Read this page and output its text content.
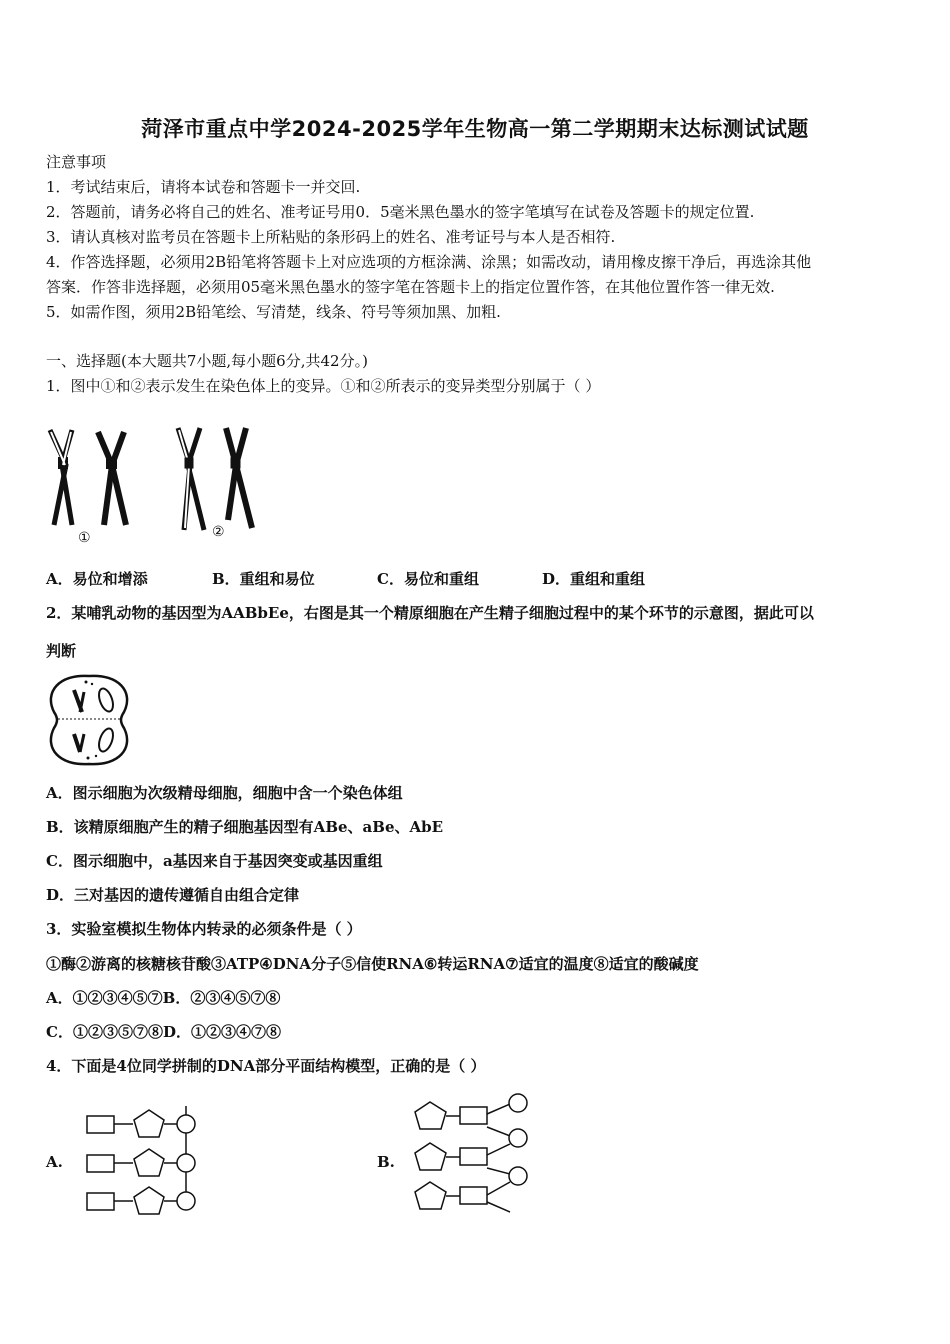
菏泽市重点中学2024-2025学年生物高一第二学期期末达标测试试题
注意事项
1．考试结束后，请将本试卷和答题卡一并交回.
2．答题前，请务必将自己的姓名、准考证号用0．5毫米黑色墨水的签字笔填写在试卷及答题卡的规定位置.
3．请认真核对监考员在答题卡上所粘贴的条形码上的姓名、准考证号与本人是否相符.
4．作答选择题，必须用2B铅笔将答题卡上对应选项的方框涂满、涂黑；如需改动，请用橡皮擦干净后，再选涂其他
答案．作答非选择题，必须用05毫米黑色墨水的签字笔在答题卡上的指定位置作答，在其他位置作答一律无效.
5．如需作图，须用2B铅笔绘、写清楚，线条、符号等须加黑、加粗.
一、选择题(本大题共7小题,每小题6分,共42分。)
1．图中①和②表示发生在染色体上的变异。①和②所表示的变异类型分别属于（ ）
①	②
A．易位和增添	B．重组和易位	C．易位和重组	D．重组和重组
2．某哺乳动物的基因型为AABbEe，右图是其一个精原细胞在产生精子细胞过程中的某个环节的示意图，据此可以
判断
A．图示细胞为次级精母细胞，细胞中含一个染色体组
B．该精原细胞产生的精子细胞基因型有ABe、aBe、AbE
C．图示细胞中，a基因来自于基因突变或基因重组
D．三对基因的遗传遵循自由组合定律
3．实验室模拟生物体内转录的必须条件是（ ）
①酶②游离的核糖核苷酸③ATP④DNA分子⑤信使RNA⑥转运RNA⑦适宜的温度⑧适宜的酸碱度
A．①②③④⑤⑦B．②③④⑤⑦⑧
C．①②③⑤⑦⑧D．①②③④⑦⑧
4．下面是4位同学拼制的DNA部分平面结构模型，正确的是（ ）
A.	B.
